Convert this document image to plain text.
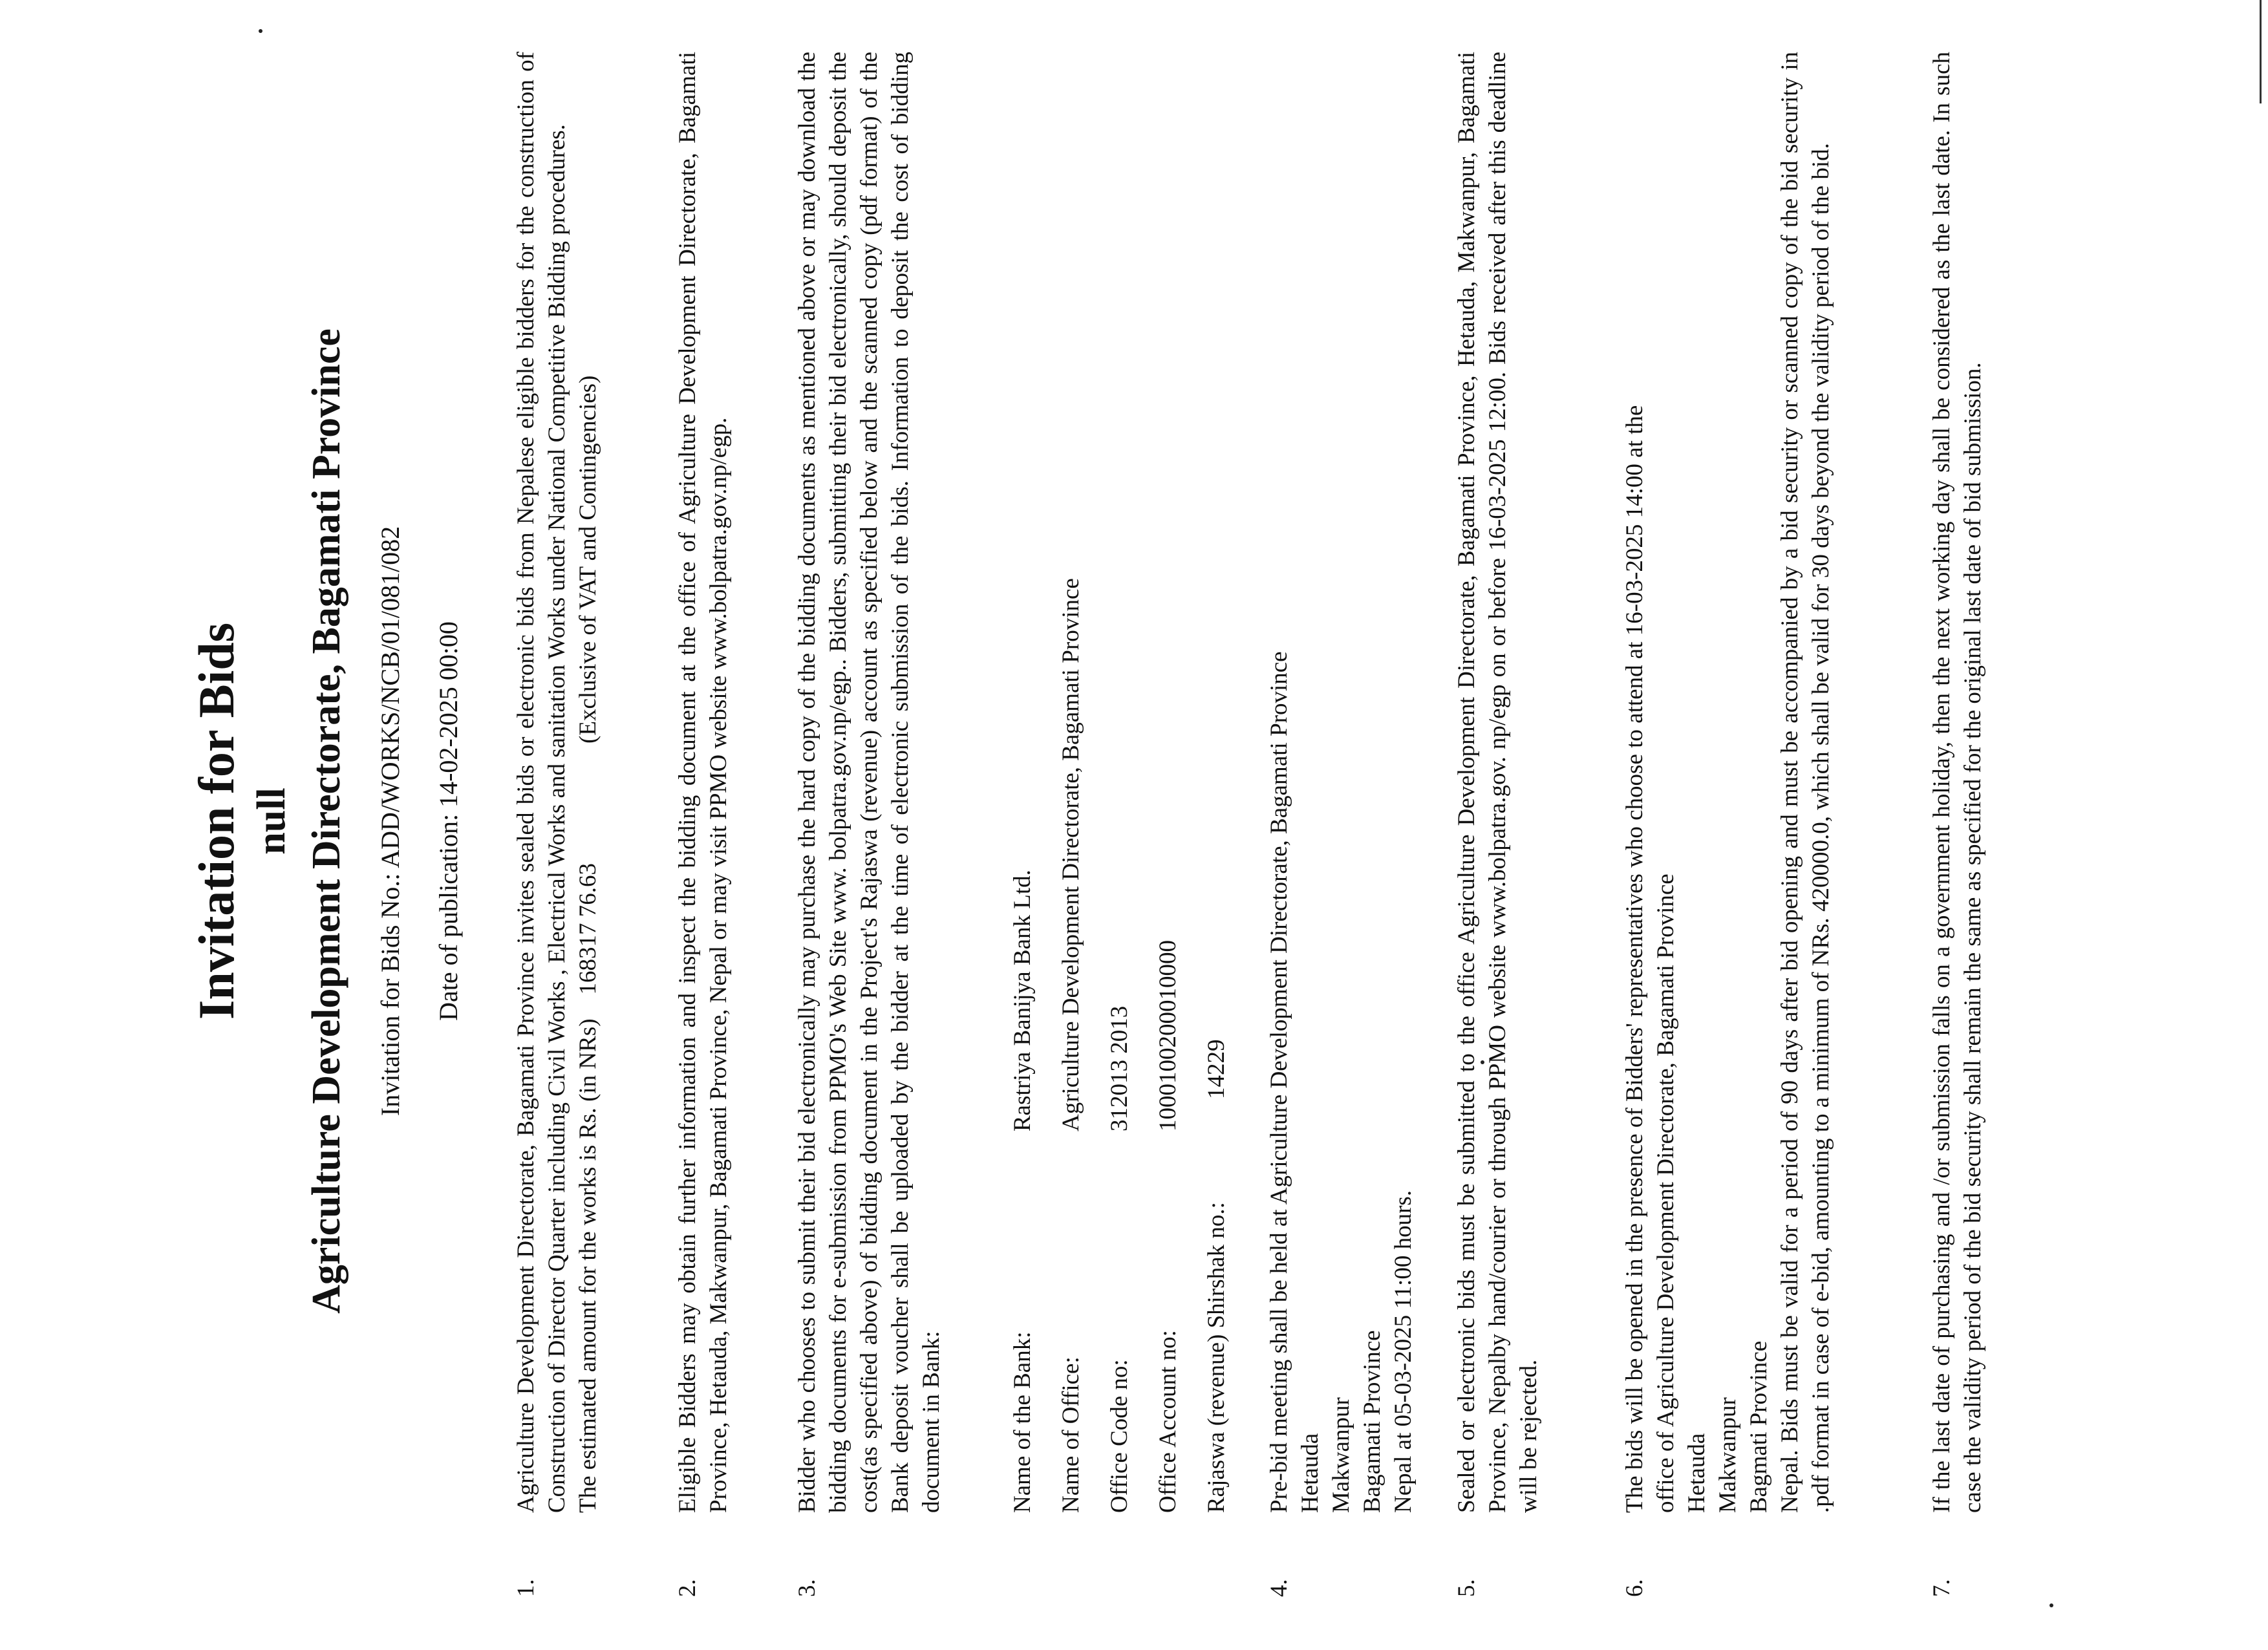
Invitation for Bids null Agriculture Development Directorate, Bagamati Province Invitation for Bids No.: ADD/WORKS/NCB/01/081/082 Date of publication: 14-02-2025 00:00
1.

Agriculture Development Directorate, Bagamati Province invites sealed bids or electronic bids from Nepalese eligible bidders for the construction of Construction of Director Quarter including Civil Works , Electrical Works and sanitation Works under National Competitive Bidding procedures. The estimated amount for the works is Rs. (in NRs)    168317 76.63                    (Exclusive of VAT and Contingencies)

2.

Eligible Bidders may obtain further information and inspect the bidding document at the office of Agriculture Development Directorate, Bagamati Province, Hetauda, Makwanpur, Bagamati Province, Nepal or may visit PPMO website www.bolpatra.gov.np/egp.

3.

Bidder who chooses to submit their bid electronically may purchase the hard copy of the bidding documents as mentioned above or may download the bidding documents for e-submission from PPMO's Web Site www. bolpatra.gov.np/egp.. Bidders, submitting their bid electronically, should deposit the cost(as specified above) of bidding document in the Project's Rajaswa (revenue) account as specified below and the scanned copy (pdf format) of the Bank deposit voucher shall be uploaded by the bidder at the time of electronic submission of the bids. Information to deposit the cost of bidding document in Bank:	Name of the Bank:
Rastriya Banijya Bank Ltd.
Name of Office:
Agriculture Development Directorate, Bagamati Province
Office Code no:
312013 2013
Office Account no:
1000100200010000
Rajaswa (revenue) Shirshak no.:
14229
4.

Pre-bid meeting shall be held at Agriculture Development Directorate, Bagamati Province Hetauda Makwanpur Bagamati Province Nepal at 05-03-2025 11:00 hours.

5.

Sealed or electronic bids must be submitted to the office Agriculture Development Directorate, Bagamati Province, Hetauda, Makwanpur, Bagamati Province, Nepalby hand/courier or through PPMO website www.bolpatra.gov. np/egp on or before 16-03-2025 12:00. Bids received after this deadline will be rejected.

6.

The bids will be opened in the presence of Bidders' representatives who choose to attend at 16-03-2025 14:00 at the office of Agriculture Development Directorate, Bagamati Province Hetauda Makwanpur Bagmati Province Nepal. Bids must be valid for a period of 90 days after bid opening and must be accompanied by a bid security or scanned copy of the bid security in .pdf format in case of e-bid, amounting to a minimum of NRs. 420000.0, which shall be valid for 30 days beyond the validity period of the bid.

7.

If the last date of purchasing and /or submission falls on a government holiday, then the next working day shall be considered as the last date. In such case the validity period of the bid security shall remain the same as specified for the original last date of bid submission.
